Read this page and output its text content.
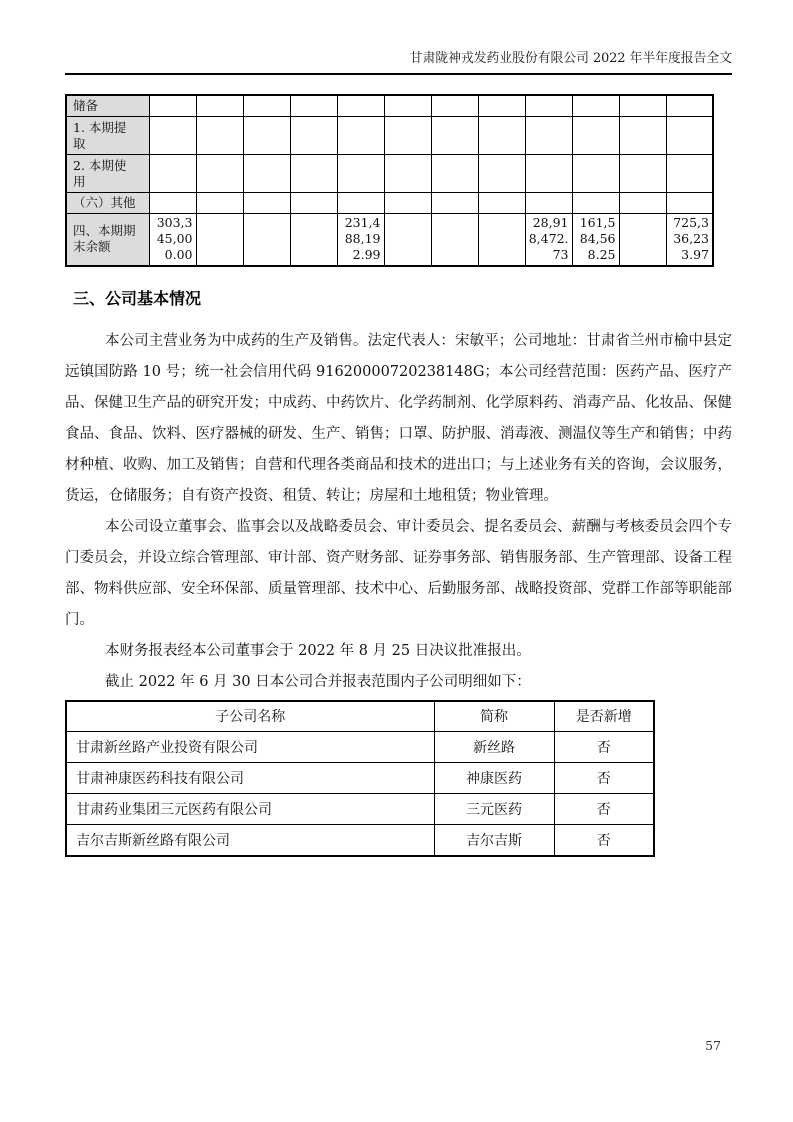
甘肃陇神戎发药业股份有限公司 2022 年半年度报告全文
储备												
1. 本期提取												
2. 本期使用												
（六）其他												
四、本期期末余额	303,345,000.00				231,488,192.99				28,918,472.73	161,584,568.25		725,336,233.97
三、公司基本情况

本公司主营业务为中成药的生产及销售。法定代表人：宋敏平；公司地址：甘肃省兰州市榆中县定远镇国防路 10 号；统一社会信用代码 91620000720238148G；本公司经营范围：医药产品、医疗产品、保健卫生产品的研究开发；中成药、中药饮片、化学药制剂、化学原料药、消毒产品、化妆品、保健食品、食品、饮料、医疗器械的研发、生产、销售；口罩、防护服、消毒液、测温仪等生产和销售；中药材种植、收购、加工及销售；自营和代理各类商品和技术的进出口；与上述业务有关的咨询，会议服务，货运，仓储服务；自有资产投资、租赁、转让；房屋和土地租赁；物业管理。

本公司设立董事会、监事会以及战略委员会、审计委员会、提名委员会、薪酬与考核委员会四个专门委员会，并设立综合管理部、审计部、资产财务部、证券事务部、销售服务部、生产管理部、设备工程部、物料供应部、安全环保部、质量管理部、技术中心、后勤服务部、战略投资部、党群工作部等职能部门。

本财务报表经本公司董事会于 2022 年 8 月 25 日决议批准报出。

截止 2022 年 6 月 30 日本公司合并报表范围内子公司明细如下：

子公司名称	简称	是否新增
甘肃新丝路产业投资有限公司	新丝路	否
甘肃神康医药科技有限公司	神康医药	否
甘肃药业集团三元医药有限公司	三元医药	否
吉尔吉斯新丝路有限公司	吉尔吉斯	否
57
